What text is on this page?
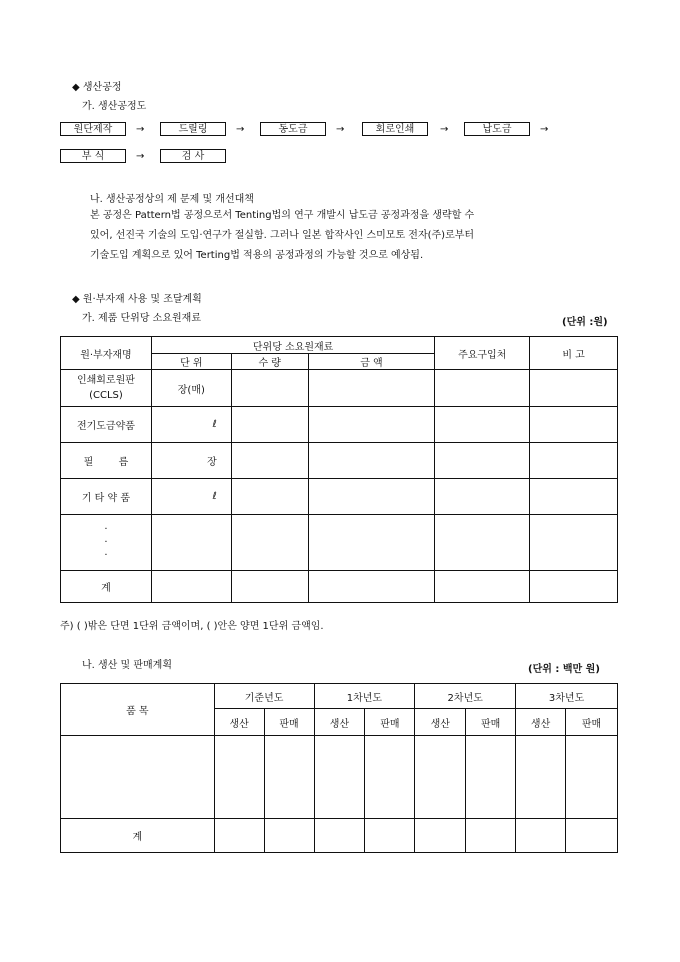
◆ 생산공정
가. 생산공정도
원단제작	→	드릴링	→	동도금	→	회로인쇄	→	납도금	→
부 식	→	검 사
나. 생산공정상의 제 문제 및 개선대책
본 공정은 Pattern법 공정으로서 Tenting법의 연구 개발시 납도금 공정과정을 생략할 수
있어, 선진국 기술의 도입·연구가 절실함. 그러나 일본 합작사인 스미모토 전자(주)로부터
기술도입 계획으로 있어 Terting법 적용의 공정과정의 가능할 것으로 예상됨.
◆ 원·부자재 사용 및 조달계획
가. 제품 단위당 소요원재료	(단위 :원)
원·부자재명	단위당 소요원재료			주요구입처	비 고
	단 위	수 량	금 액		
인쇄회로원판
(CCLS)	장(매)				
전기도금약품	ℓ				
필        름	장				
기 타 약 품	ℓ				
·
·
·					
계					
주) ( )밖은 단면 1단위 금액이며, ( )안은 양면 1단위 금액임.
나. 생산 및 판매계획	(단위 : 백만 원)
품 목	기준년도		1차년도		2차년도		3차년도	
	생산	판매	생산	판매	생산	판매	생산	판매

계								
